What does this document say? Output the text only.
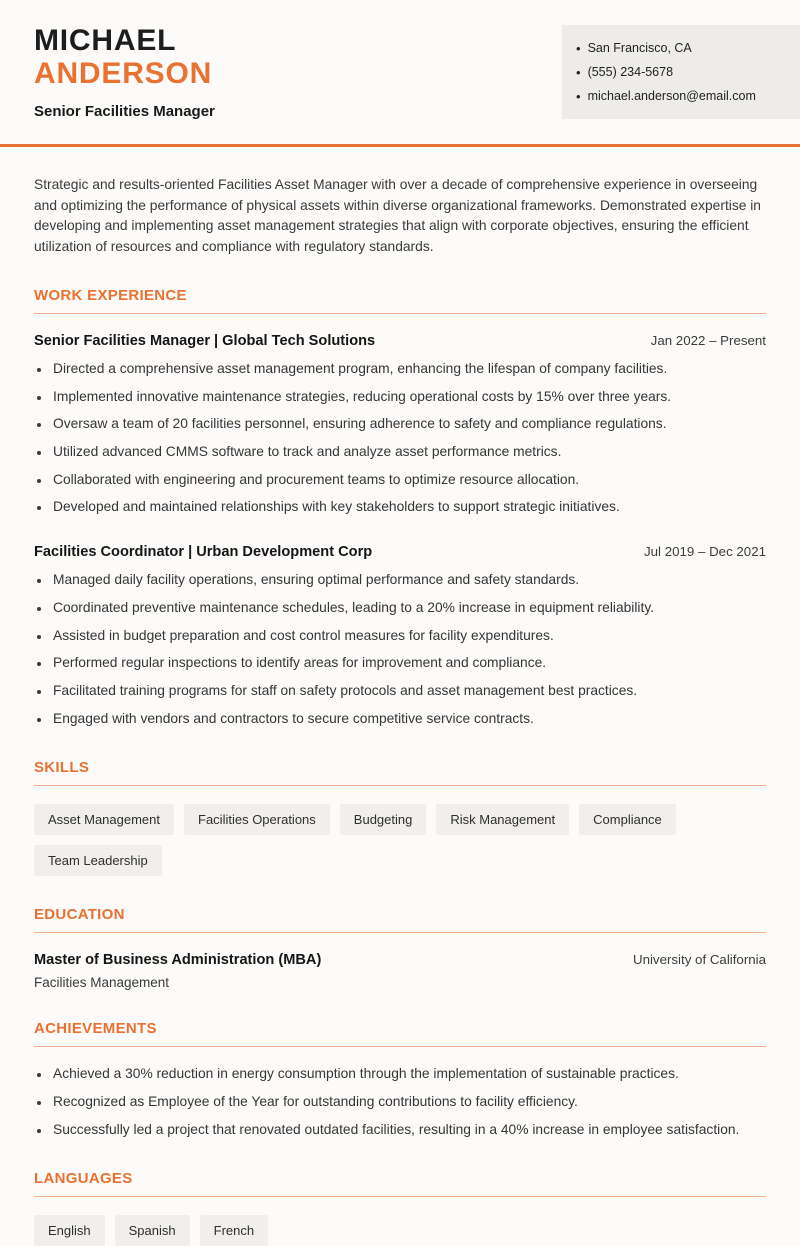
MICHAEL
ANDERSON
Senior Facilities Manager
• San Francisco, CA
• (555) 234-5678
• michael.anderson@email.com

Strategic and results-oriented Facilities Asset Manager with over a decade of comprehensive experience in overseeing and optimizing the performance of physical assets within diverse organizational frameworks. Demonstrated expertise in developing and implementing asset management strategies that align with corporate objectives, ensuring the efficient utilization of resources and compliance with regulatory standards.

WORK EXPERIENCE
Senior Facilities Manager | Global Tech Solutions	Jan 2022 – Present
• Directed a comprehensive asset management program, enhancing the lifespan of company facilities.
• Implemented innovative maintenance strategies, reducing operational costs by 15% over three years.
• Oversaw a team of 20 facilities personnel, ensuring adherence to safety and compliance regulations.
• Utilized advanced CMMS software to track and analyze asset performance metrics.
• Collaborated with engineering and procurement teams to optimize resource allocation.
• Developed and maintained relationships with key stakeholders to support strategic initiatives.
Facilities Coordinator | Urban Development Corp	Jul 2019 – Dec 2021
• Managed daily facility operations, ensuring optimal performance and safety standards.
• Coordinated preventive maintenance schedules, leading to a 20% increase in equipment reliability.
• Assisted in budget preparation and cost control measures for facility expenditures.
• Performed regular inspections to identify areas for improvement and compliance.
• Facilitated training programs for staff on safety protocols and asset management best practices.
• Engaged with vendors and contractors to secure competitive service contracts.
SKILLS
Asset Management	Facilities Operations	Budgeting	Risk Management	Compliance
Team Leadership
EDUCATION
Master of Business Administration (MBA)	University of California
Facilities Management
ACHIEVEMENTS
• Achieved a 30% reduction in energy consumption through the implementation of sustainable practices.
• Recognized as Employee of the Year for outstanding contributions to facility efficiency.
• Successfully led a project that renovated outdated facilities, resulting in a 40% increase in employee satisfaction.
LANGUAGES
English	Spanish	French
